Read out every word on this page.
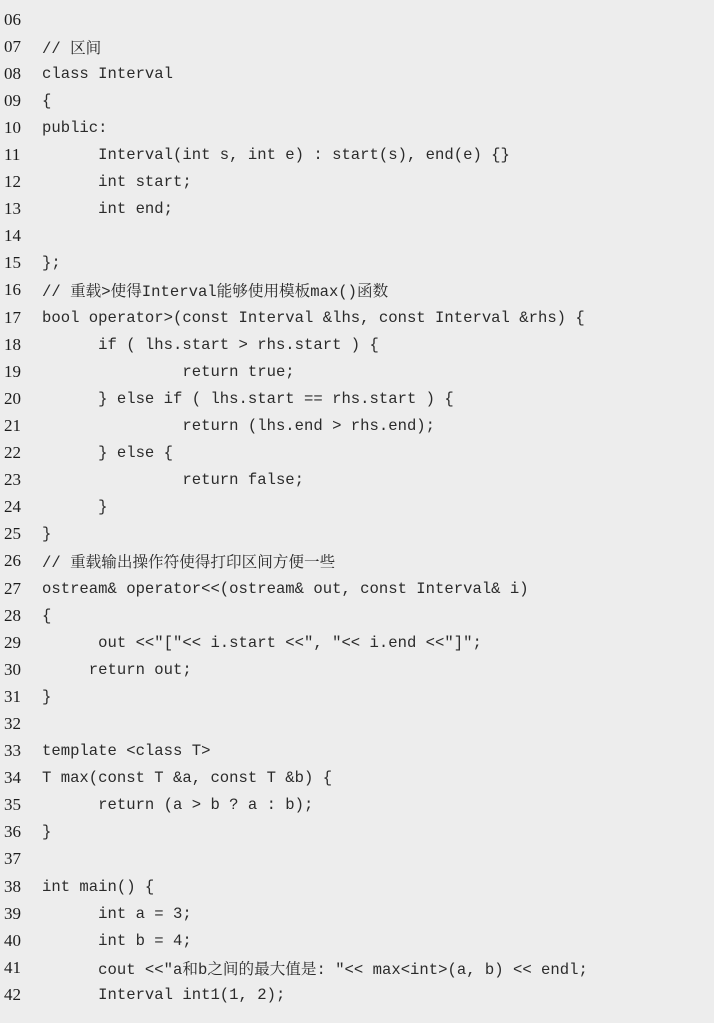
06
07	// 区间
08	class Interval
09	{
10	public:
11	Interval(int s, int e) : start(s), end(e) {}
12	int start;
13	int end;
14
15	};
16	// 重载>使得Interval能够使用模板max()函数
17	bool operator>(const Interval &lhs, const Interval &rhs) {
18	if ( lhs.start > rhs.start ) {
19	return true;
20	} else if ( lhs.start == rhs.start ) {
21	return (lhs.end > rhs.end);
22	} else {
23	return false;
24	}
25	}
26	// 重载输出操作符使得打印区间方便一些
27	ostream& operator<<(ostream& out, const Interval& i)
28	{
29	out <<"["<< i.start <<", "<< i.end <<"]";
30	return out;
31	}
32
33	template <class T>
34	T max(const T &a, const T &b) {
35	return (a > b ? a : b);
36	}
37
38	int main() {
39	int a = 3;
40	int b = 4;
41	cout <<"a和b之间的最大值是: "<< max<int>(a, b) << endl;
42	Interval int1(1, 2);
